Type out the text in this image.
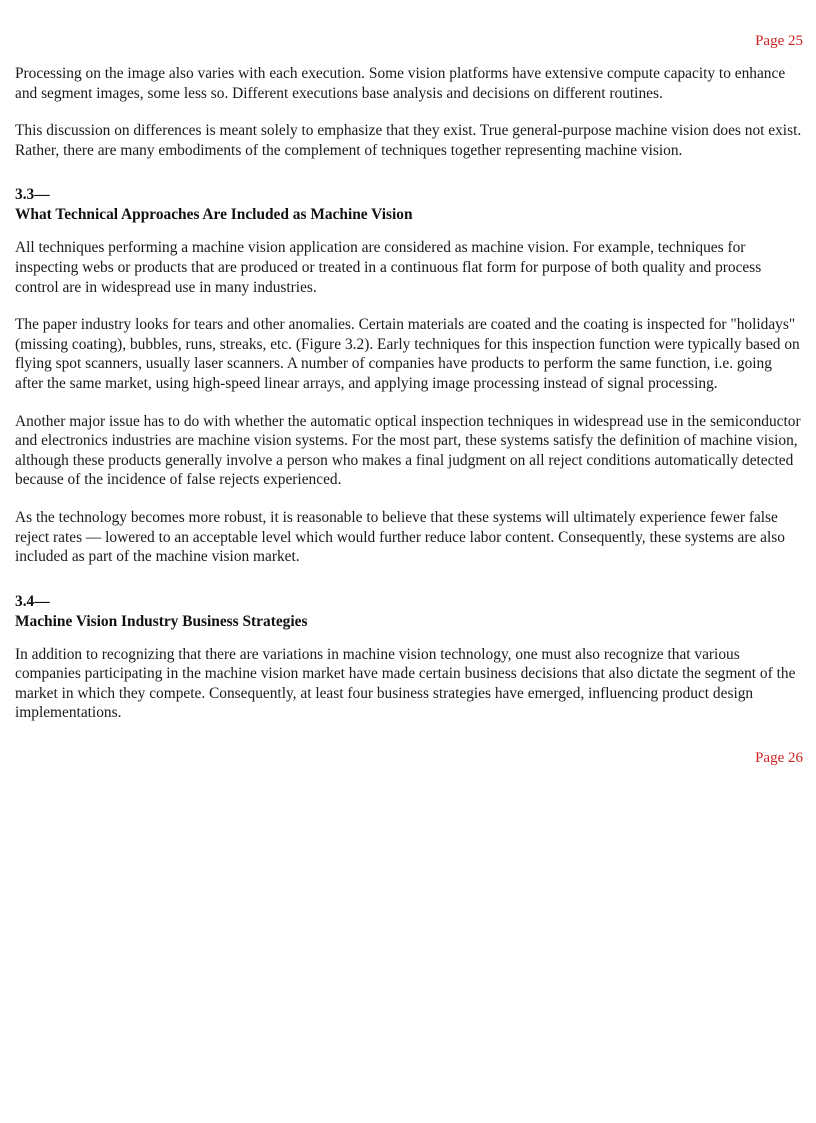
Page 25

Processing on the image also varies with each execution. Some vision platforms have extensive compute capacity to enhance and segment images, some less so. Different executions base analysis and decisions on different routines.

This discussion on differences is meant solely to emphasize that they exist. True general-purpose machine vision does not exist. Rather, there are many embodiments of the complement of techniques together representing machine vision.

3.3—
What Technical Approaches Are Included as Machine Vision

All techniques performing a machine vision application are considered as machine vision. For example, techniques for inspecting webs or products that are produced or treated in a continuous flat form for purpose of both quality and process control are in widespread use in many industries.

The paper industry looks for tears and other anomalies. Certain materials are coated and the coating is inspected for "holidays" (missing coating), bubbles, runs, streaks, etc. (Figure 3.2). Early techniques for this inspection function were typically based on flying spot scanners, usually laser scanners. A number of companies have products to perform the same function, i.e. going after the same market, using high-speed linear arrays, and applying image processing instead of signal processing.

Another major issue has to do with whether the automatic optical inspection techniques in widespread use in the semiconductor and electronics industries are machine vision systems. For the most part, these systems satisfy the definition of machine vision, although these products generally involve a person who makes a final judgment on all reject conditions automatically detected because of the incidence of false rejects experienced.

As the technology becomes more robust, it is reasonable to believe that these systems will ultimately experience fewer false reject rates — lowered to an acceptable level which would further reduce labor content. Consequently, these systems are also included as part of the machine vision market.

3.4—
Machine Vision Industry Business Strategies

In addition to recognizing that there are variations in machine vision technology, one must also recognize that various companies participating in the machine vision market have made certain business decisions that also dictate the segment of the market in which they compete. Consequently, at least four business strategies have emerged, influencing product design implementations.

Page 26
